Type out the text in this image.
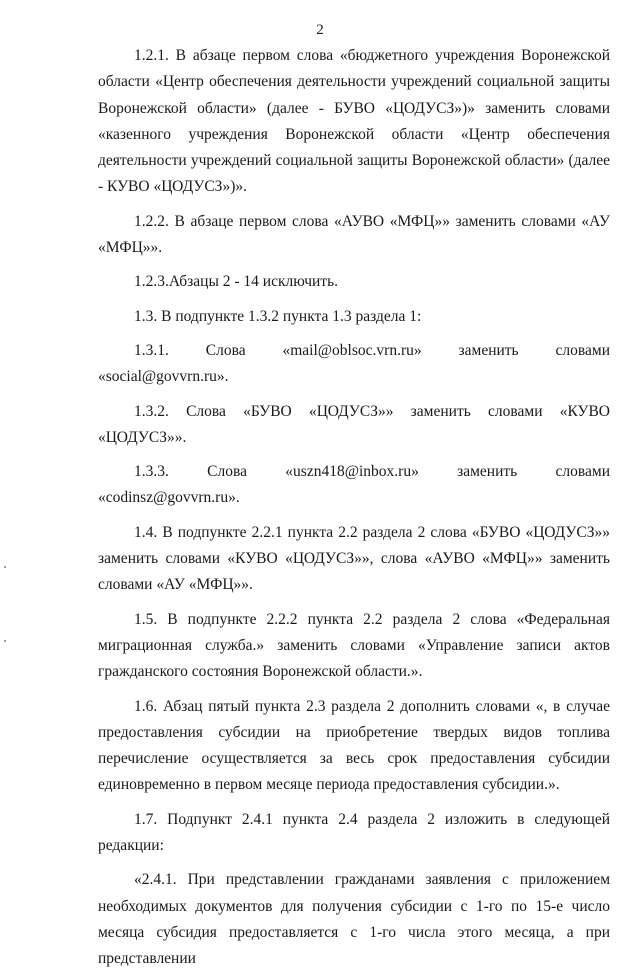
2

1.2.1. В абзаце первом слова «бюджетного учреждения Воронежской области «Центр обеспечения деятельности учреждений социальной защиты Воронежской области» (далее - БУВО «ЦОДУСЗ»)» заменить словами «казенного учреждения Воронежской области «Центр обеспечения деятельности учреждений социальной защиты Воронежской области» (далее - КУВО «ЦОДУСЗ»)».

1.2.2. В абзаце первом слова «АУВО «МФЦ»» заменить словами «АУ «МФЦ»».

1.2.3.Абзацы 2 - 14 исключить.

1.3. В подпункте 1.3.2 пункта 1.3 раздела 1:

1.3.1. Слова «mail@oblsoc.vrn.ru» заменить словами «social@govvrn.ru».

1.3.2. Слова «БУВО «ЦОДУСЗ»» заменить словами «КУВО «ЦОДУСЗ»».

1.3.3. Слова «uszn418@inbox.ru» заменить словами «codinsz@govvrn.ru».

1.4. В подпункте 2.2.1 пункта 2.2 раздела 2 слова «БУВО «ЦОДУСЗ»» заменить словами «КУВО «ЦОДУСЗ»», слова «АУВО «МФЦ»» заменить словами «АУ «МФЦ»».

1.5. В подпункте 2.2.2 пункта 2.2 раздела 2 слова «Федеральная миграционная служба.» заменить словами «Управление записи актов гражданского состояния Воронежской области.».

1.6. Абзац пятый пункта 2.3 раздела 2 дополнить словами «, в случае предоставления субсидии на приобретение твердых видов топлива перечисление осуществляется за весь срок предоставления субсидии единовременно в первом месяце периода предоставления субсидии.».

1.7. Подпункт 2.4.1 пункта 2.4 раздела 2 изложить в следующей редакции:

«2.4.1. При представлении гражданами заявления с приложением необходимых документов для получения субсидии с 1-го по 15-е число месяца субсидия предоставляется с 1-го числа этого месяца, а при представлении
